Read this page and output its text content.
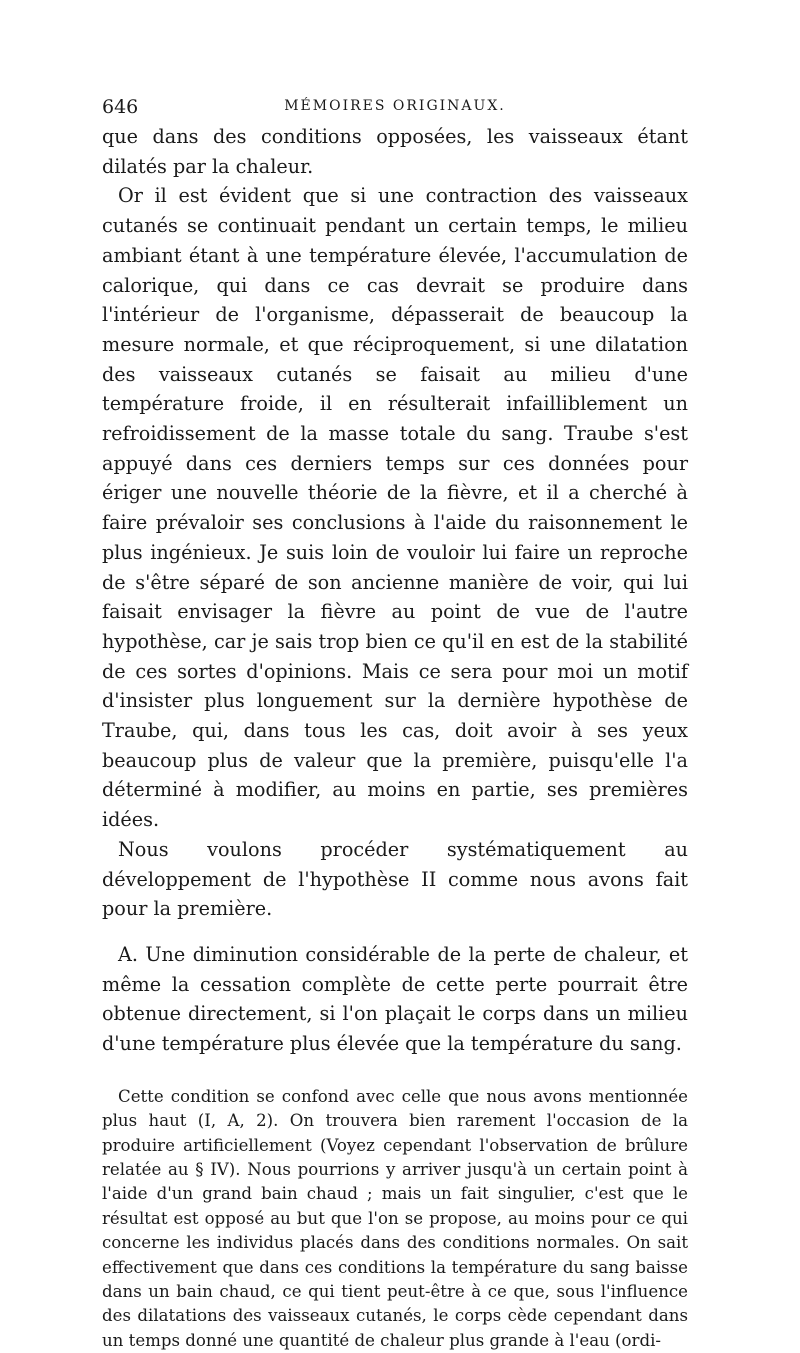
646	MÉMOIRES ORIGINAUX.

que dans des conditions opposées, les vaisseaux étant dilatés par la chaleur.

Or il est évident que si une contraction des vaisseaux cutanés se continuait pendant un certain temps, le milieu ambiant étant à une température élevée, l'accumulation de calorique, qui dans ce cas devrait se produire dans l'intérieur de l'organisme, dépasserait de beaucoup la mesure normale, et que réciproquement, si une dilatation des vaisseaux cutanés se faisait au milieu d'une température froide, il en résulterait infailliblement un refroidissement de la masse totale du sang. Traube s'est appuyé dans ces derniers temps sur ces données pour ériger une nouvelle théorie de la fièvre, et il a cherché à faire prévaloir ses conclusions à l'aide du raisonnement le plus ingénieux. Je suis loin de vouloir lui faire un reproche de s'être séparé de son ancienne manière de voir, qui lui faisait envisager la fièvre au point de vue de l'autre hypothèse, car je sais trop bien ce qu'il en est de la stabilité de ces sortes d'opinions. Mais ce sera pour moi un motif d'insister plus longuement sur la dernière hypothèse de Traube, qui, dans tous les cas, doit avoir à ses yeux beaucoup plus de valeur que la première, puisqu'elle l'a déterminé à modifier, au moins en partie, ses premières idées.

Nous voulons procéder systématiquement au développement de l'hypothèse II comme nous avons fait pour la première.

A. Une diminution considérable de la perte de chaleur, et même la cessation complète de cette perte pourrait être obtenue directement, si l'on plaçait le corps dans un milieu d'une température plus élevée que la température du sang.

Cette condition se confond avec celle que nous avons mentionnée plus haut (I, A, 2). On trouvera bien rarement l'occasion de la produire artificiellement (Voyez cependant l'observation de brûlure relatée au § IV). Nous pourrions y arriver jusqu'à un certain point à l'aide d'un grand bain chaud ; mais un fait singulier, c'est que le résultat est opposé au but que l'on se propose, au moins pour ce qui concerne les individus placés dans des conditions normales. On sait effectivement que dans ces conditions la température du sang baisse dans un bain chaud, ce qui tient peut-être à ce que, sous l'influence des dilatations des vaisseaux cutanés, le corps cède cependant dans un temps donné une quantité de chaleur plus grande à l'eau (ordi-
